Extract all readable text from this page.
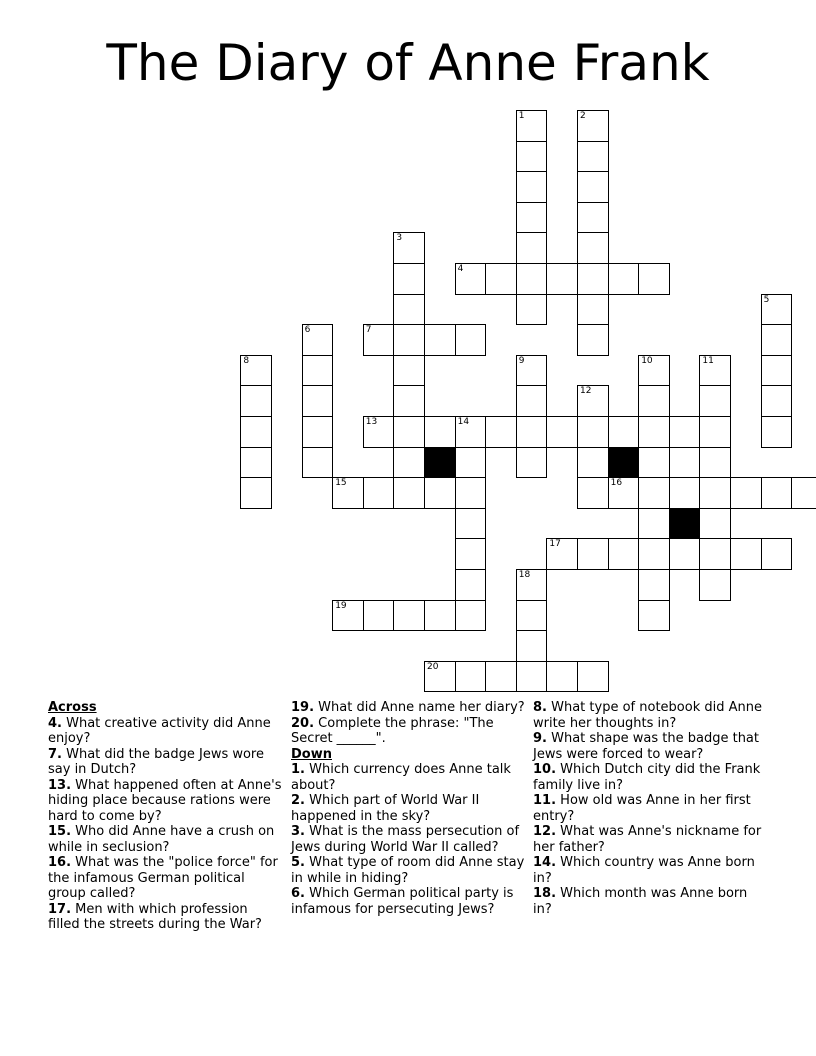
The Diary of Anne Frank
4
7
13	14
15	16
17
19
20
1	2
3
5
6
8	9	10	11
12
18
Across
4. What creative activity did Anne enjoy?
7. What did the badge Jews wore say in Dutch?
13. What happened often at Anne's hiding place because rations were hard to come by?
15. Who did Anne have a crush on while in seclusion?
16. What was the "police force" for the infamous German political group called?
17. Men with which profession filled the streets during the War?
19. What did Anne name her diary?
20. Complete the phrase: "The Secret ______".
Down
1. Which currency does Anne talk about?
2. Which part of World War II happened in the sky?
3. What is the mass persecution of Jews during World War II called?
5. What type of room did Anne stay in while in hiding?
6. Which German political party is infamous for persecuting Jews?
8. What type of notebook did Anne write her thoughts in?
9. What shape was the badge that Jews were forced to wear?
10. Which Dutch city did the Frank family live in?
11. How old was Anne in her first entry?
12. What was Anne's nickname for her father?
14. Which country was Anne born in?
18. Which month was Anne born in?
